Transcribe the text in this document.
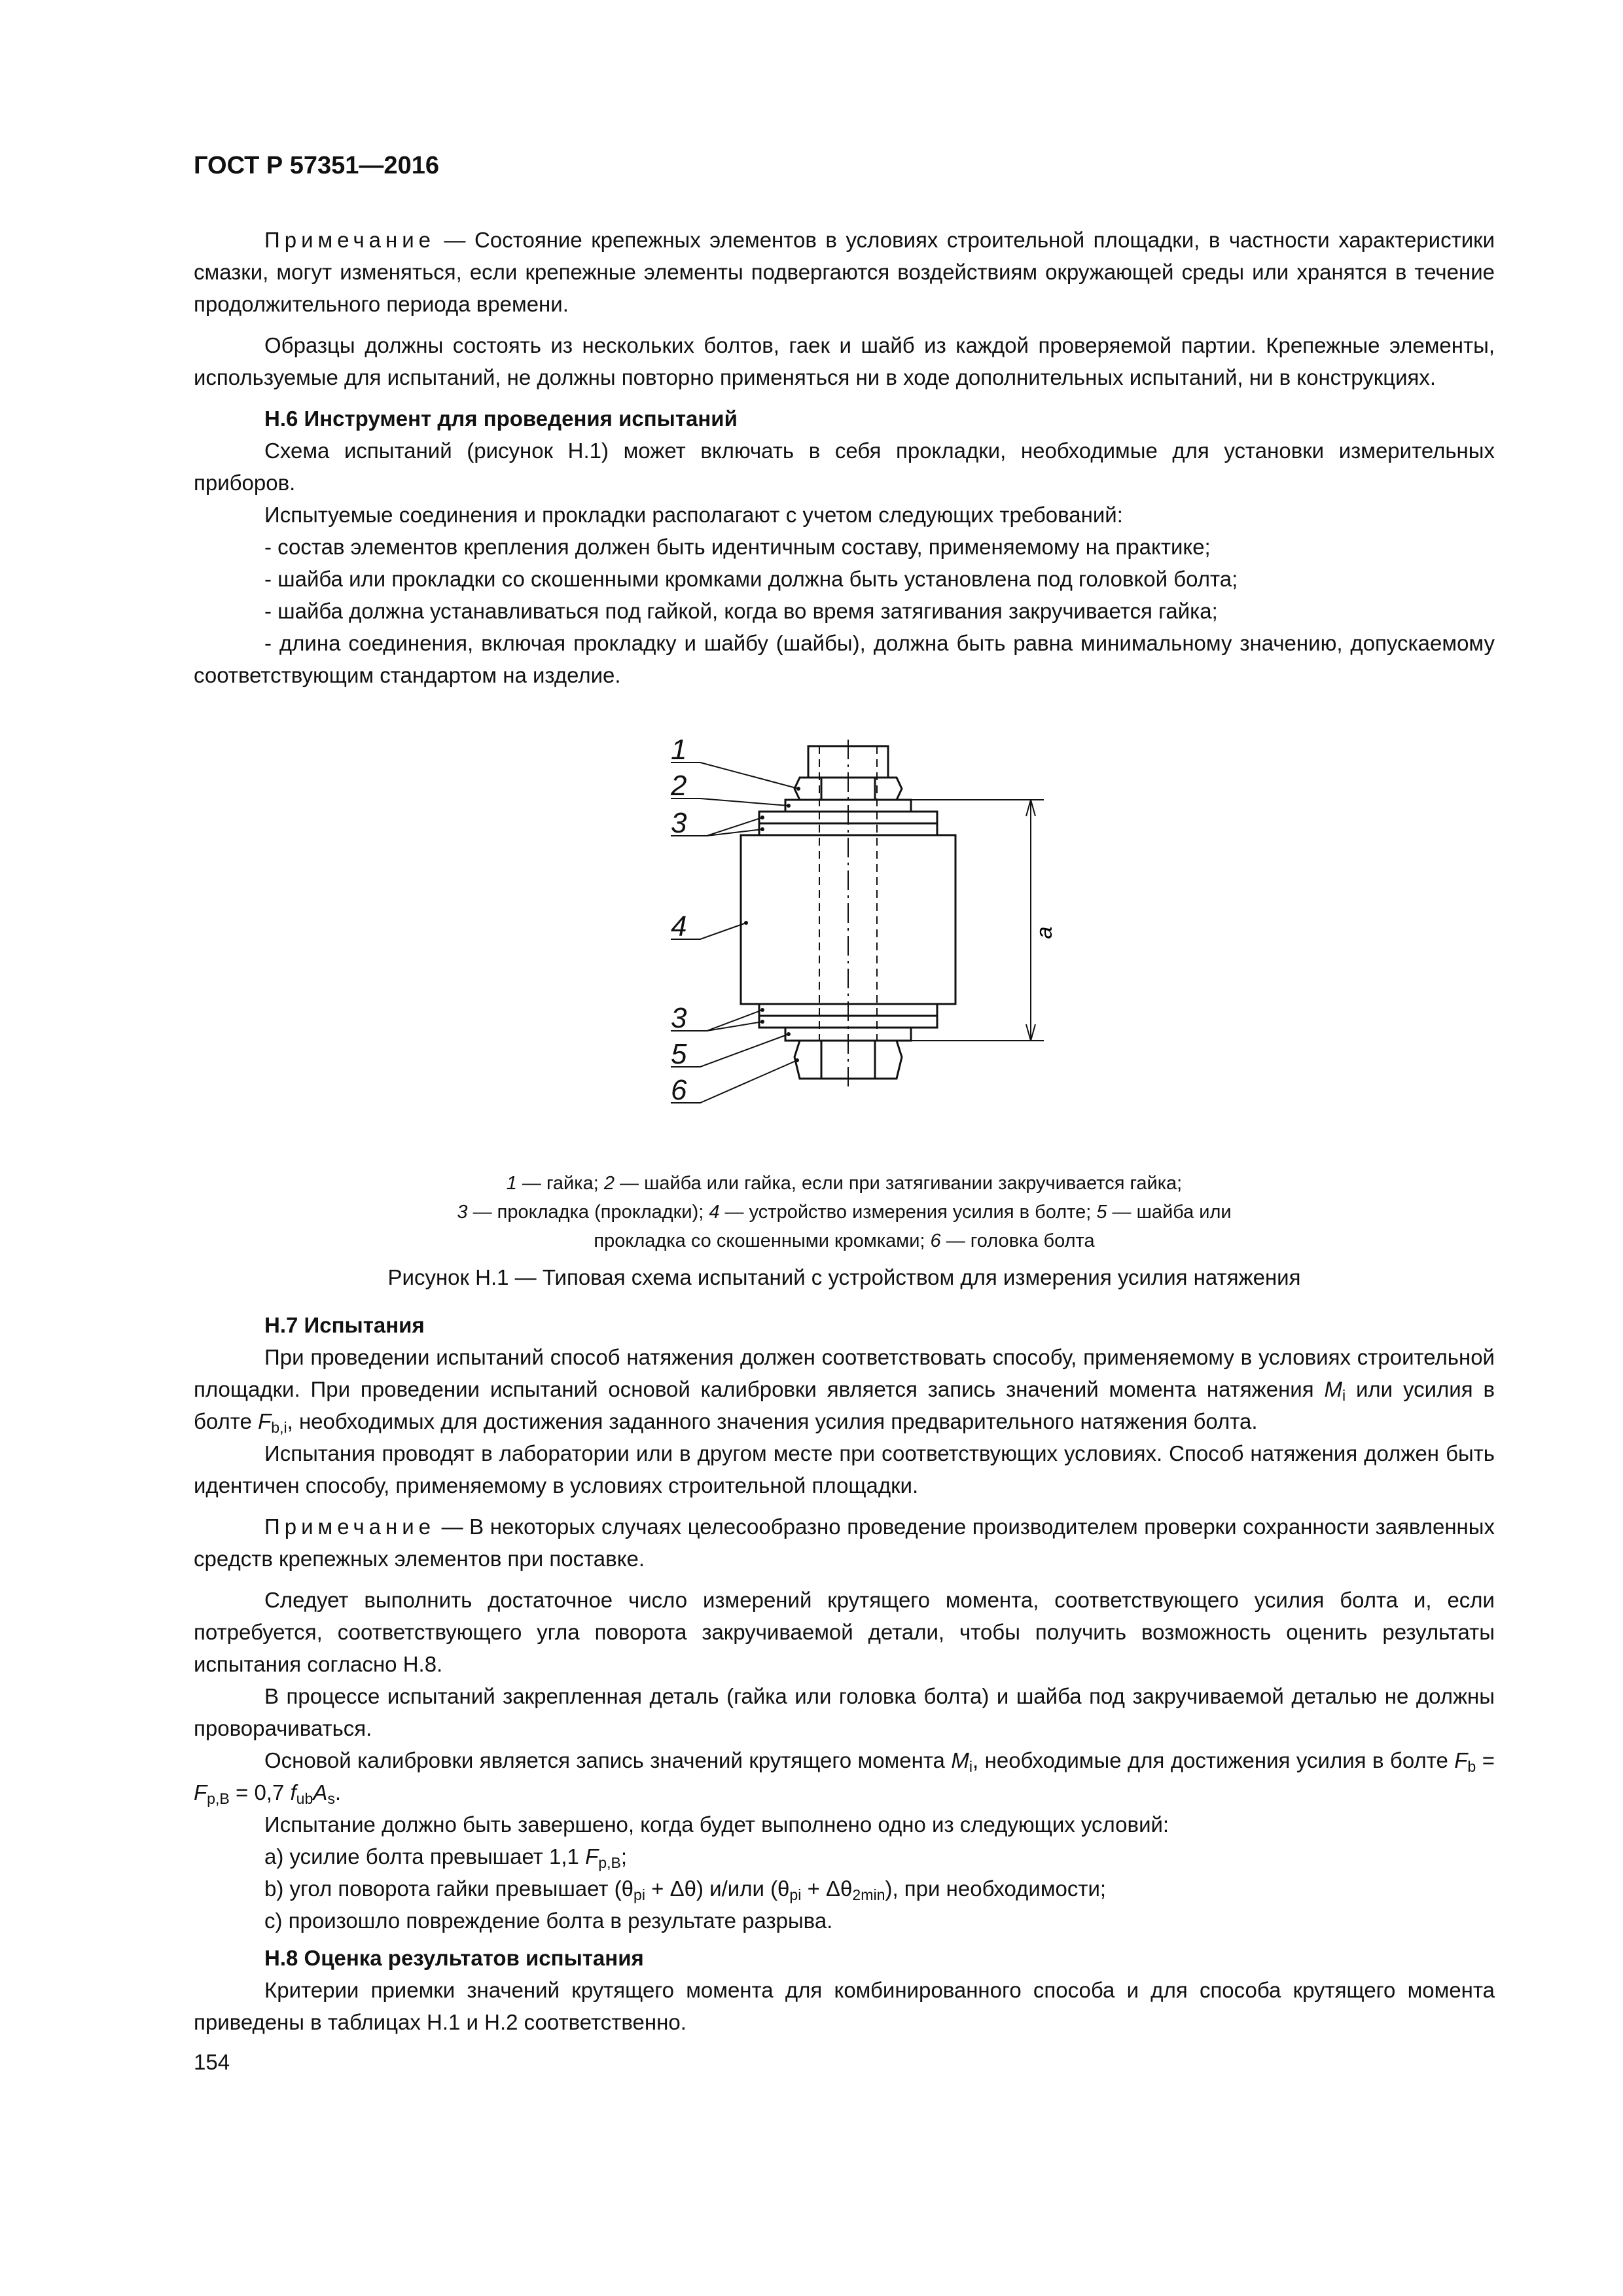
ГОСТ Р 57351—2016

Примечание — Состояние крепежных элементов в условиях строительной площадки, в частности характеристики смазки, могут изменяться, если крепежные элементы подвергаются воздействиям окружающей среды или хранятся в течение продолжительного периода времени.

Образцы должны состоять из нескольких болтов, гаек и шайб из каждой проверяемой партии. Крепежные элементы, используемые для испытаний, не должны повторно применяться ни в ходе дополнительных испытаний, ни в конструкциях.

Н.6 Инструмент для проведения испытаний

Схема испытаний (рисунок Н.1) может включать в себя прокладки, необходимые для установки измерительных приборов.

Испытуемые соединения и прокладки располагают с учетом следующих требований:

- состав элементов крепления должен быть идентичным составу, применяемому на практике;

- шайба или прокладки со скошенными кромками должна быть установлена под головкой болта;

- шайба должна устанавливаться под гайкой, когда во время затягивания закручивается гайка;

- длина соединения, включая прокладку и шайбу (шайбы), должна быть равна минимальному значению, допускаемому соответствующим стандартом на изделие.

a
1
2
3
4
3
5
6
1 — гайка; 2 — шайба или гайка, если при затягивании закручивается гайка;
3 — прокладка (прокладки); 4 — устройство измерения усилия в болте; 5 — шайба или
прокладка со скошенными кромками; 6 — головка болта
Рисунок Н.1 — Типовая схема испытаний с устройством для измерения усилия натяжения

Н.7 Испытания

При проведении испытаний способ натяжения должен соответствовать способу, применяемому в условиях строительной площадки. При проведении испытаний основой калибровки является запись значений момента натяжения $M_i$ или усилия в болте $F_{b,i}$, необходимых для достижения заданного значения усилия предварительного натяжения болта.

Испытания проводят в лаборатории или в другом месте при соответствующих условиях. Способ натяжения должен быть идентичен способу, применяемому в условиях строительной площадки.

Примечание — В некоторых случаях целесообразно проведение производителем проверки сохранности заявленных средств крепежных элементов при поставке.

Следует выполнить достаточное число измерений крутящего момента, соответствующего усилия болта и, если потребуется, соответствующего угла поворота закручиваемой детали, чтобы получить возможность оценить результаты испытания согласно Н.8.

В процессе испытаний закрепленная деталь (гайка или головка болта) и шайба под закручиваемой деталью не должны проворачиваться.

Основой калибровки является запись значений крутящего момента $M_i$, необходимые для достижения усилия в болте $F_b = F_{p,B} = 0,7$ $f_{ub}A_s$.

Испытание должно быть завершено, когда будет выполнено одно из следующих условий:

a) усилие болта превышает 1,1 $F_{p,B}$;

b) угол поворота гайки превышает $(\theta_{pi} + \Delta\theta)$ и/или $(\theta_{pi} + \Delta\theta_{2min})$, при необходимости;

c) произошло повреждение болта в результате разрыва.

Н.8 Оценка результатов испытания

Критерии приемки значений крутящего момента для комбинированного способа и для способа крутящего момента приведены в таблицах Н.1 и Н.2 соответственно.

154
